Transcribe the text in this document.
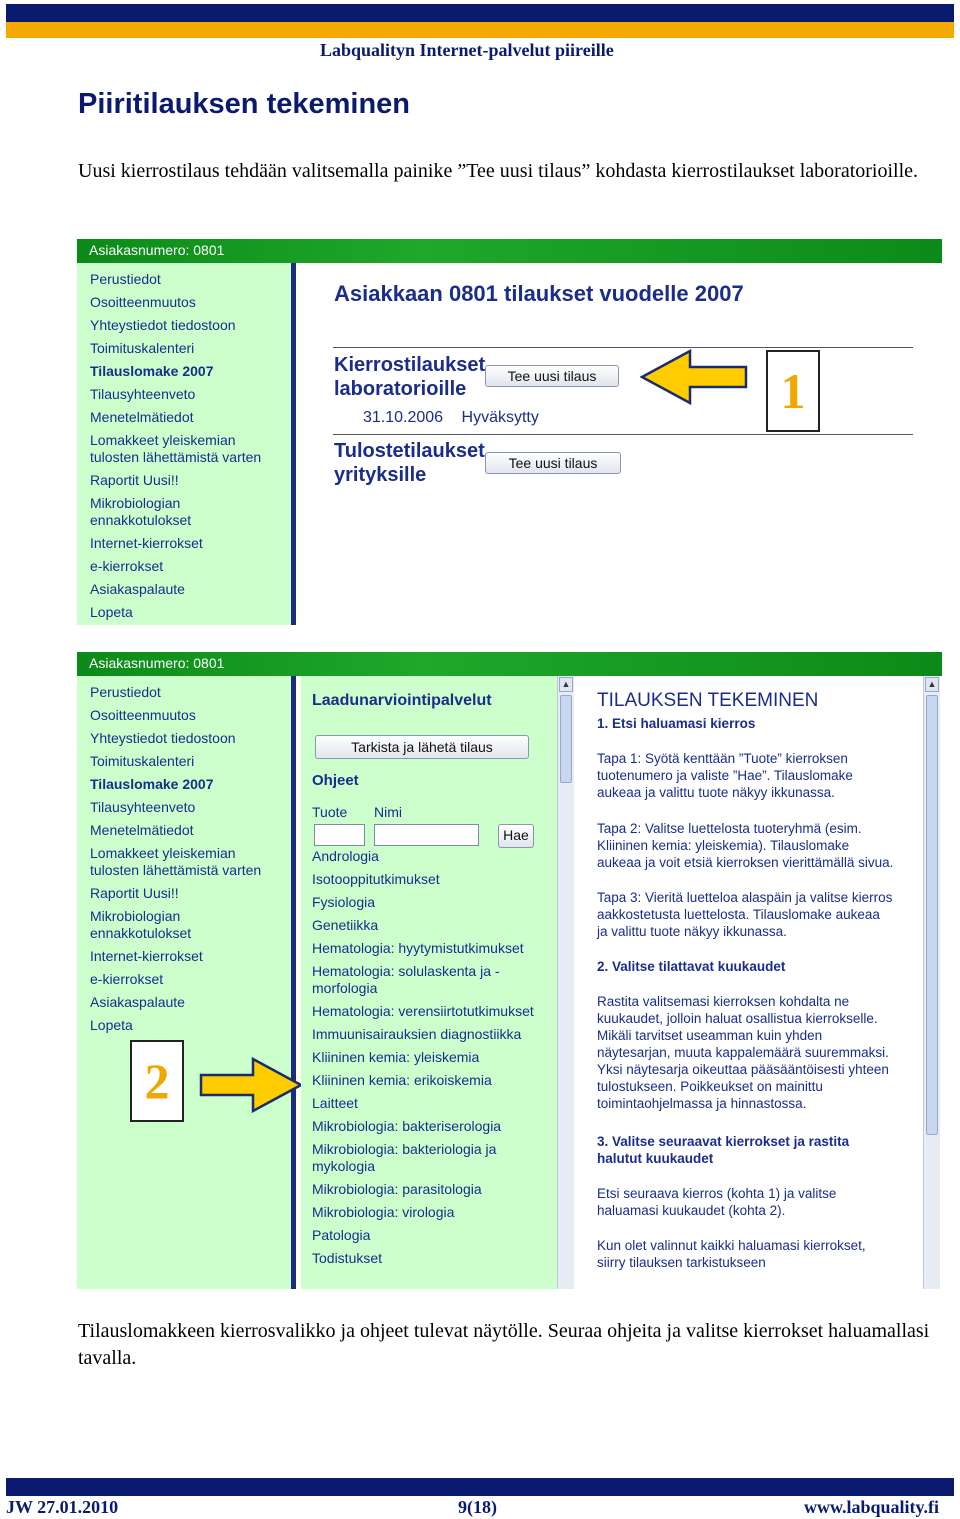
Labqualityn Internet-palvelut piireille
Piiritilauksen tekeminen
Uusi kierrostilaus tehdään valitsemalla painike ”Tee uusi tilaus” kohdasta kierrostilaukset laboratorioille.
Asiakasnumero: 0801
Perustiedot
Osoitteenmuutos
Yhteystiedot tiedostoon
Toimituskalenteri
Tilauslomake 2007
Tilausyhteenveto
Menetelmätiedot
Lomakkeet yleiskemian
tulosten lähettämistä varten
Raportit Uusi!!
Mikrobiologian
ennakkotulokset
Internet-kierrokset
e-kierrokset
Asiakaspalaute
Lopeta
Asiakkaan 0801 tilaukset vuodelle 2007
Kierrostilaukset
laboratorioille
Tee uusi tilaus
31.10.2006 Hyväksytty	1
Tulostetilaukset
yrityksille
Tee uusi tilaus
Asiakasnumero: 0801
Perustiedot
Osoitteenmuutos
Yhteystiedot tiedostoon
Toimituskalenteri
Tilauslomake 2007
Tilausyhteenveto
Menetelmätiedot
Lomakkeet yleiskemian
tulosten lähettämistä varten
Raportit Uusi!!
Mikrobiologian
ennakkotulokset
Internet-kierrokset
e-kierrokset
Asiakaspalaute
Lopeta
2
Laadunarviointipalvelut
Tarkista ja lähetä tilaus
Ohjeet
Tuote Nimi
Hae
Andrologia
Isotooppitutkimukset
Fysiologia
Genetiikka
Hematologia: hyytymistutkimukset
Hematologia: solulaskenta ja -
morfologia
Hematologia: verensiirtotutkimukset
Immuunisairauksien diagnostiikka
Kliininen kemia: yleiskemia
Kliininen kemia: erikoiskemia
Laitteet
Mikrobiologia: bakteriserologia
Mikrobiologia: bakteriologia ja
mykologia
Mikrobiologia: parasitologia
Mikrobiologia: virologia
Patologia
Todistukset
▲
TILAUKSEN TEKEMINEN
1. Etsi haluamasi kierros
Tapa 1: Syötä kenttään ”Tuote” kierroksen
tuotenumero ja valiste ”Hae”. Tilauslomake
aukeaa ja valittu tuote näkyy ikkunassa.
Tapa 2: Valitse luettelosta tuoteryhmä (esim.
Kliininen kemia: yleiskemia). Tilauslomake
aukeaa ja voit etsiä kierroksen vierittämällä sivua.
Tapa 3: Vieritä luetteloa alaspäin ja valitse kierros
aakkostetusta luettelosta. Tilauslomake aukeaa
ja valittu tuote näkyy ikkunassa.
2. Valitse tilattavat kuukaudet
Rastita valitsemasi kierroksen kohdalta ne
kuukaudet, jolloin haluat osallistua kierrokselle.
Mikäli tarvitset useamman kuin yhden
näytesarjan, muuta kappalemäärä suuremmaksi.
Yksi näytesarja oikeuttaa pääsääntöisesti yhteen
tulostukseen. Poikkeukset on mainittu
toimintaohjelmassa ja hinnastossa.
3. Valitse seuraavat kierrokset ja rastita
halutut kuukaudet
Etsi seuraava kierros (kohta 1) ja valitse
haluamasi kuukaudet (kohta 2).
Kun olet valinnut kaikki haluamasi kierrokset,
siirry tilauksen tarkistukseen
▲
Tilauslomakkeen kierrosvalikko ja ohjeet tulevat näytölle. Seuraa ohjeita ja valitse kierrokset haluamallasi tavalla.
JW 27.01.2010	9(18)	www.labquality.fi
